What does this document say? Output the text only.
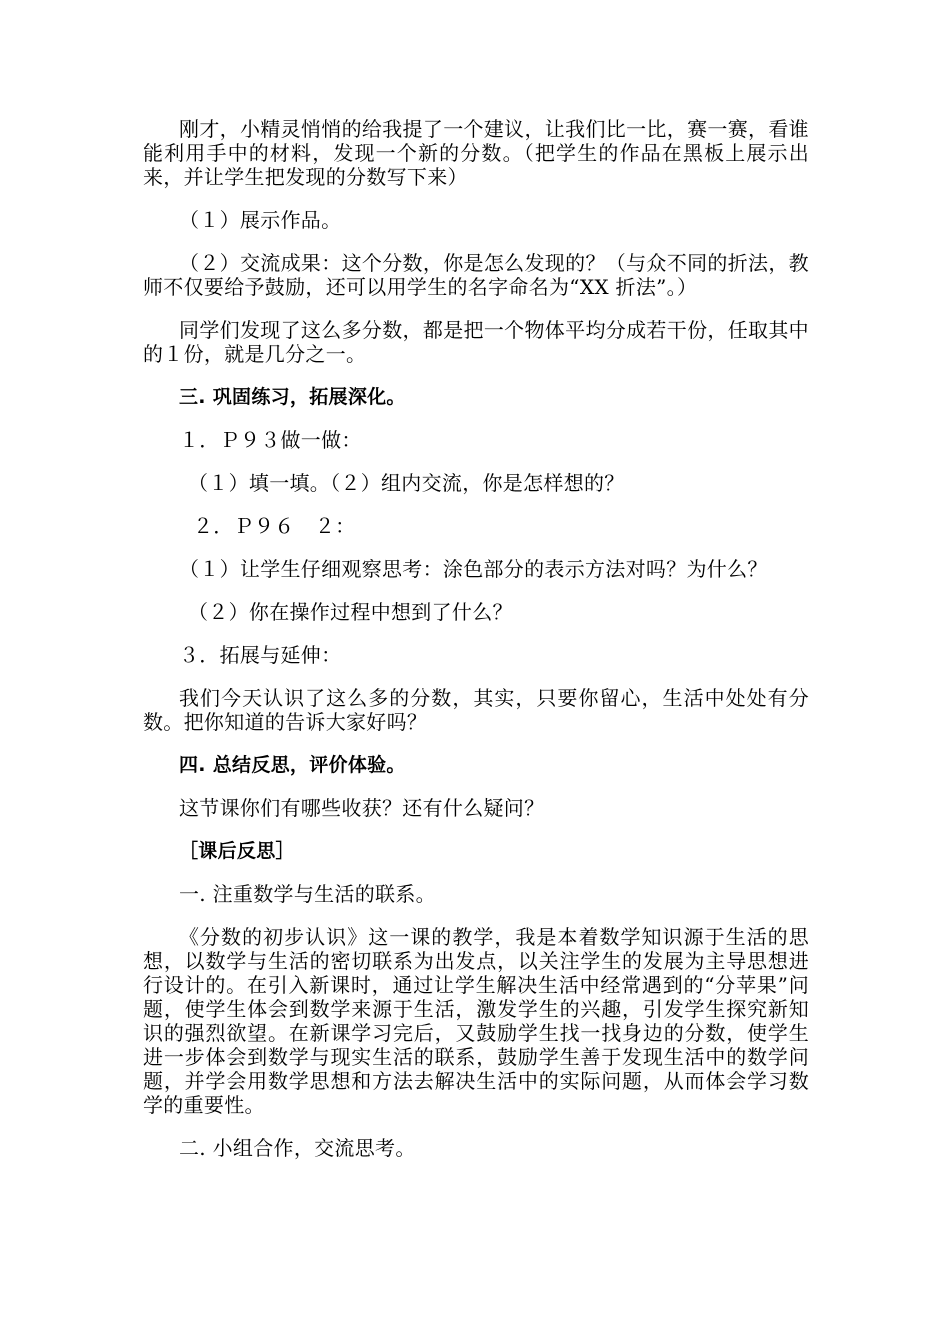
刚才，小精灵悄悄的给我提了一个建议，让我们比一比，赛一赛，看谁能利用手中的材料，发现一个新的分数。（把学生的作品在黑板上展示出来，并让学生把发现的分数写下来）

（１）展示作品。

（２）交流成果：这个分数，你是怎么发现的？（与众不同的折法，教师不仅要给予鼓励，还可以用学生的名字命名为“XX 折法”。）

同学们发现了这么多分数，都是把一个物体平均分成若干份，任取其中的１份，就是几分之一。

三. 巩固练习，拓展深化。

１．Ｐ９３做一做：

（１）填一填。（２）组内交流，你是怎样想的？

２．Ｐ９６　２：

（１）让学生仔细观察思考：涂色部分的表示方法对吗？为什么？

（２）你在操作过程中想到了什么？

３．拓展与延伸：

我们今天认识了这么多的分数，其实，只要你留心，生活中处处有分数。把你知道的告诉大家好吗？

四. 总结反思，评价体验。

这节课你们有哪些收获？还有什么疑问？

［课后反思］

一. 注重数学与生活的联系。

《分数的初步认识》这一课的教学，我是本着数学知识源于生活的思想，以数学与生活的密切联系为出发点，以关注学生的发展为主导思想进行设计的。在引入新课时，通过让学生解决生活中经常遇到的“分苹果”问题，使学生体会到数学来源于生活，激发学生的兴趣，引发学生探究新知识的强烈欲望。在新课学习完后，又鼓励学生找一找身边的分数，使学生进一步体会到数学与现实生活的联系，鼓励学生善于发现生活中的数学问题，并学会用数学思想和方法去解决生活中的实际问题，从而体会学习数学的重要性。

二. 小组合作，交流思考。
